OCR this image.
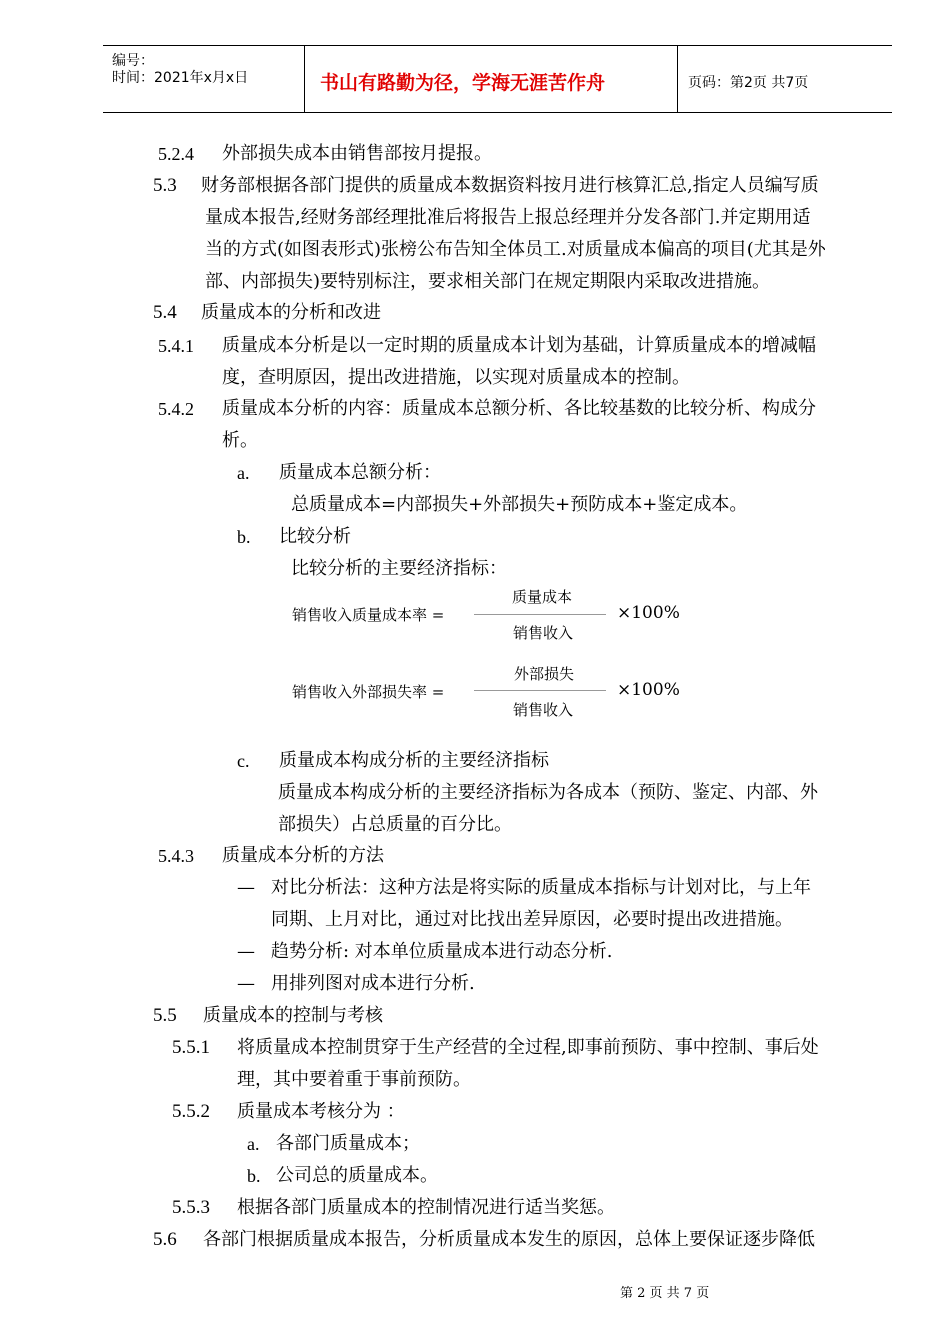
编号：
时间：2021年x月x日	书山有路勤为径，学海无涯苦作舟	页码：第2页 共7页
5.2.4 外部损失成本由销售部按月提报。
5.3 财务部根据各部门提供的质量成本数据资料按月进行核算汇总,指定人员编写质
量成本报告,经财务部经理批准后将报告上报总经理并分发各部门.并定期用适
当的方式(如图表形式)张榜公布告知全体员工.对质量成本偏高的项目(尤其是外
部、内部损失)要特别标注，要求相关部门在规定期限内采取改进措施。
5.4 质量成本的分析和改进
5.4.1 质量成本分析是以一定时期的质量成本计划为基础，计算质量成本的增减幅
度，查明原因，提出改进措施，以实现对质量成本的控制。
5.4.2 质量成本分析的内容：质量成本总额分析、各比较基数的比较分析、构成分
析。
a. 质量成本总额分析：
总质量成本=内部损失+外部损失+预防成本+鉴定成本。
b. 比较分析
比较分析的主要经济指标：
销售收入质量成本率 =
质量成本
销售收入
×100%
销售收入外部损失率 =
外部损失
销售收入
×100%
c. 质量成本构成分析的主要经济指标
质量成本构成分析的主要经济指标为各成本（预防、鉴定、内部、外
部损失）占总质量的百分比。
5.4.3 质量成本分析的方法
— 对比分析法：这种方法是将实际的质量成本指标与计划对比，与上年
同期、上月对比，通过对比找出差异原因，必要时提出改进措施。
— 趋势分析: 对本单位质量成本进行动态分析.
— 用排列图对成本进行分析.
5.5 质量成本的控制与考核
5.5.1 将质量成本控制贯穿于生产经营的全过程,即事前预防、事中控制、事后处
理，其中要着重于事前预防。
5.5.2 质量成本考核分为 ：
a. 各部门质量成本；
b. 公司总的质量成本。
5.5.3 根据各部门质量成本的控制情况进行适当奖惩。
5.6 各部门根据质量成本报告，分析质量成本发生的原因，总体上要保证逐步降低
第 2 页 共 7 页
